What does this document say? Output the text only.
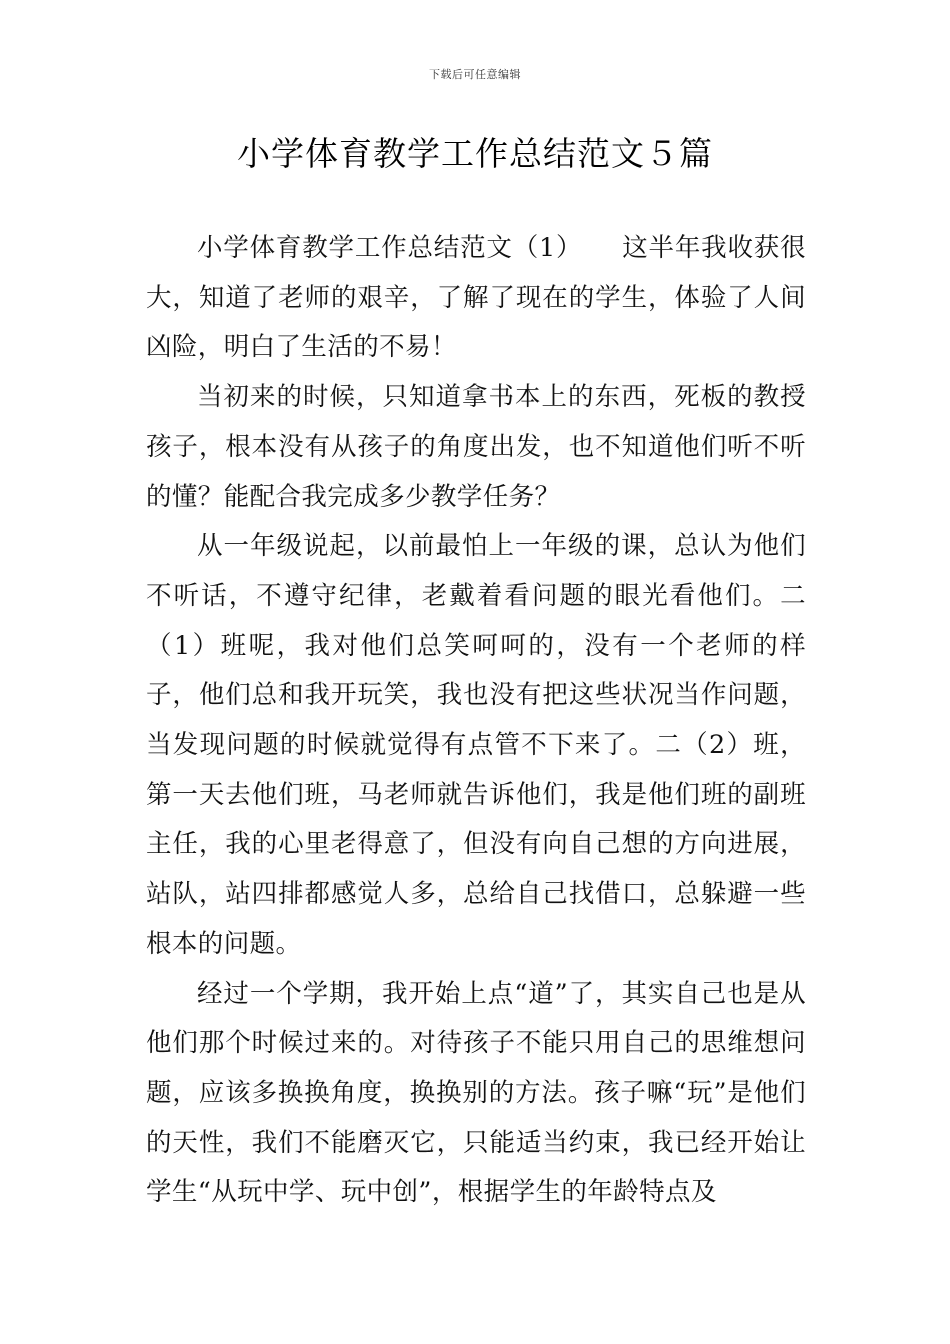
下载后可任意编辑
小学体育教学工作总结范文５篇

小学体育教学工作总结范文（1）　　这半年我收获很大，知道了老师的艰辛，了解了现在的学生，体验了人间凶险，明白了生活的不易！

当初来的时候，只知道拿书本上的东西，死板的教授孩子，根本没有从孩子的角度出发，也不知道他们听不听的懂？能配合我完成多少教学任务？

从一年级说起，以前最怕上一年级的课，总认为他们不听话，不遵守纪律，老戴着看问题的眼光看他们。二（1）班呢，我对他们总笑呵呵的，没有一个老师的样子，他们总和我开玩笑，我也没有把这些状况当作问题，当发现问题的时候就觉得有点管不下来了。二（2）班，第一天去他们班，马老师就告诉他们，我是他们班的副班主任，我的心里老得意了，但没有向自己想的方向进展，站队，站四排都感觉人多，总给自己找借口，总躲避一些根本的问题。

经过一个学期，我开始上点“道”了，其实自己也是从他们那个时候过来的。对待孩子不能只用自己的思维想问题，应该多换换角度，换换别的方法。孩子嘛“玩”是他们的天性，我们不能磨灭它，只能适当约束，我已经开始让学生“从玩中学、玩中创”，根据学生的年龄特点及
